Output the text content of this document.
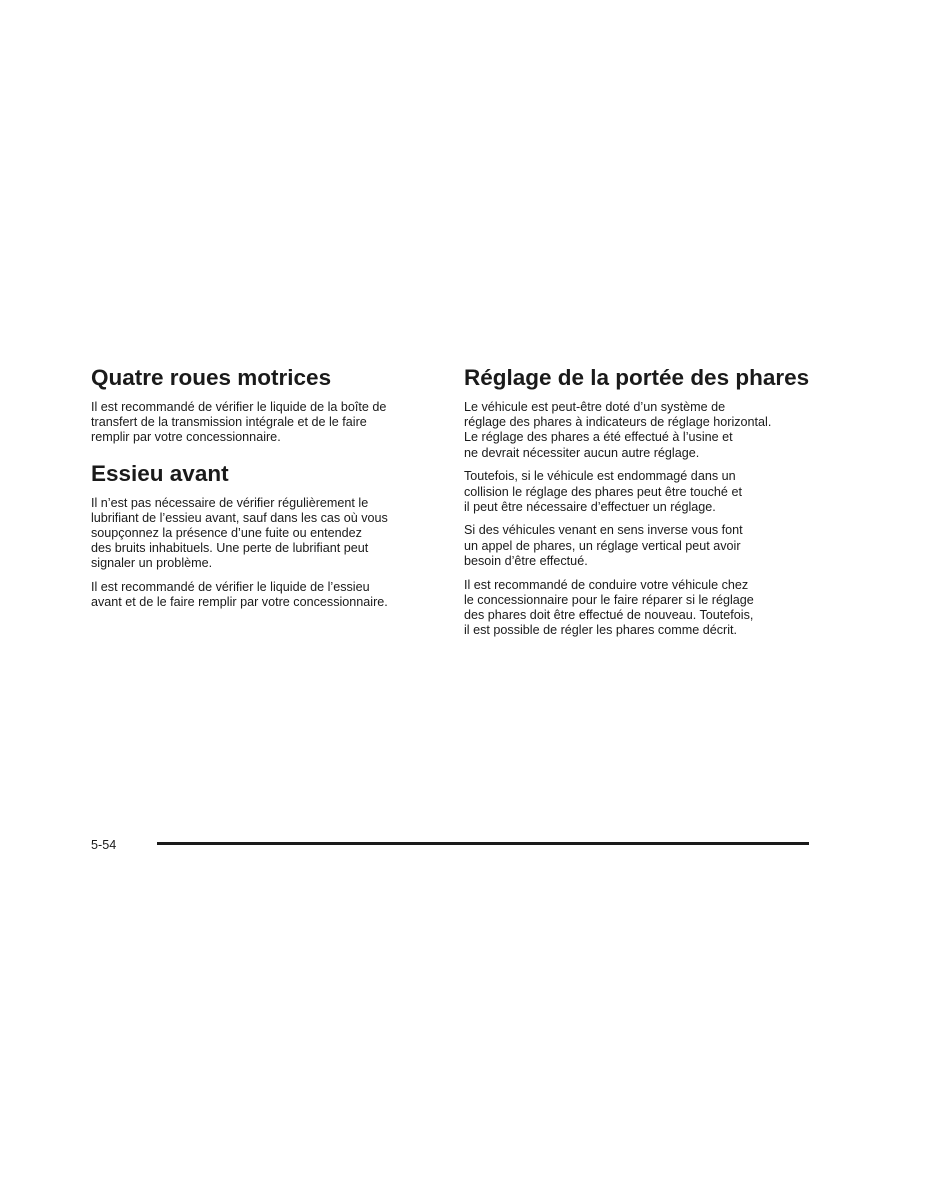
Quatre roues motrices

Il est recommandé de vérifier le liquide de la boîte de
transfert de la transmission intégrale et de le faire
remplir par votre concessionnaire.

Essieu avant

Il n’est pas nécessaire de vérifier régulièrement le
lubrifiant de l’essieu avant, sauf dans les cas où vous
soupçonnez la présence d’une fuite ou entendez
des bruits inhabituels. Une perte de lubrifiant peut
signaler un problème.

Il est recommandé de vérifier le liquide de l’essieu
avant et de le faire remplir par votre concessionnaire.

Réglage de la portée des phares

Le véhicule est peut-être doté d’un système de
réglage des phares à indicateurs de réglage horizontal.
Le réglage des phares a été effectué à l’usine et
ne devrait nécessiter aucun autre réglage.

Toutefois, si le véhicule est endommagé dans un
collision le réglage des phares peut être touché et
il peut être nécessaire d’effectuer un réglage.

Si des véhicules venant en sens inverse vous font
un appel de phares, un réglage vertical peut avoir
besoin d’être effectué.

Il est recommandé de conduire votre véhicule chez
le concessionnaire pour le faire réparer si le réglage
des phares doit être effectué de nouveau. Toutefois,
il est possible de régler les phares comme décrit.

5-54
